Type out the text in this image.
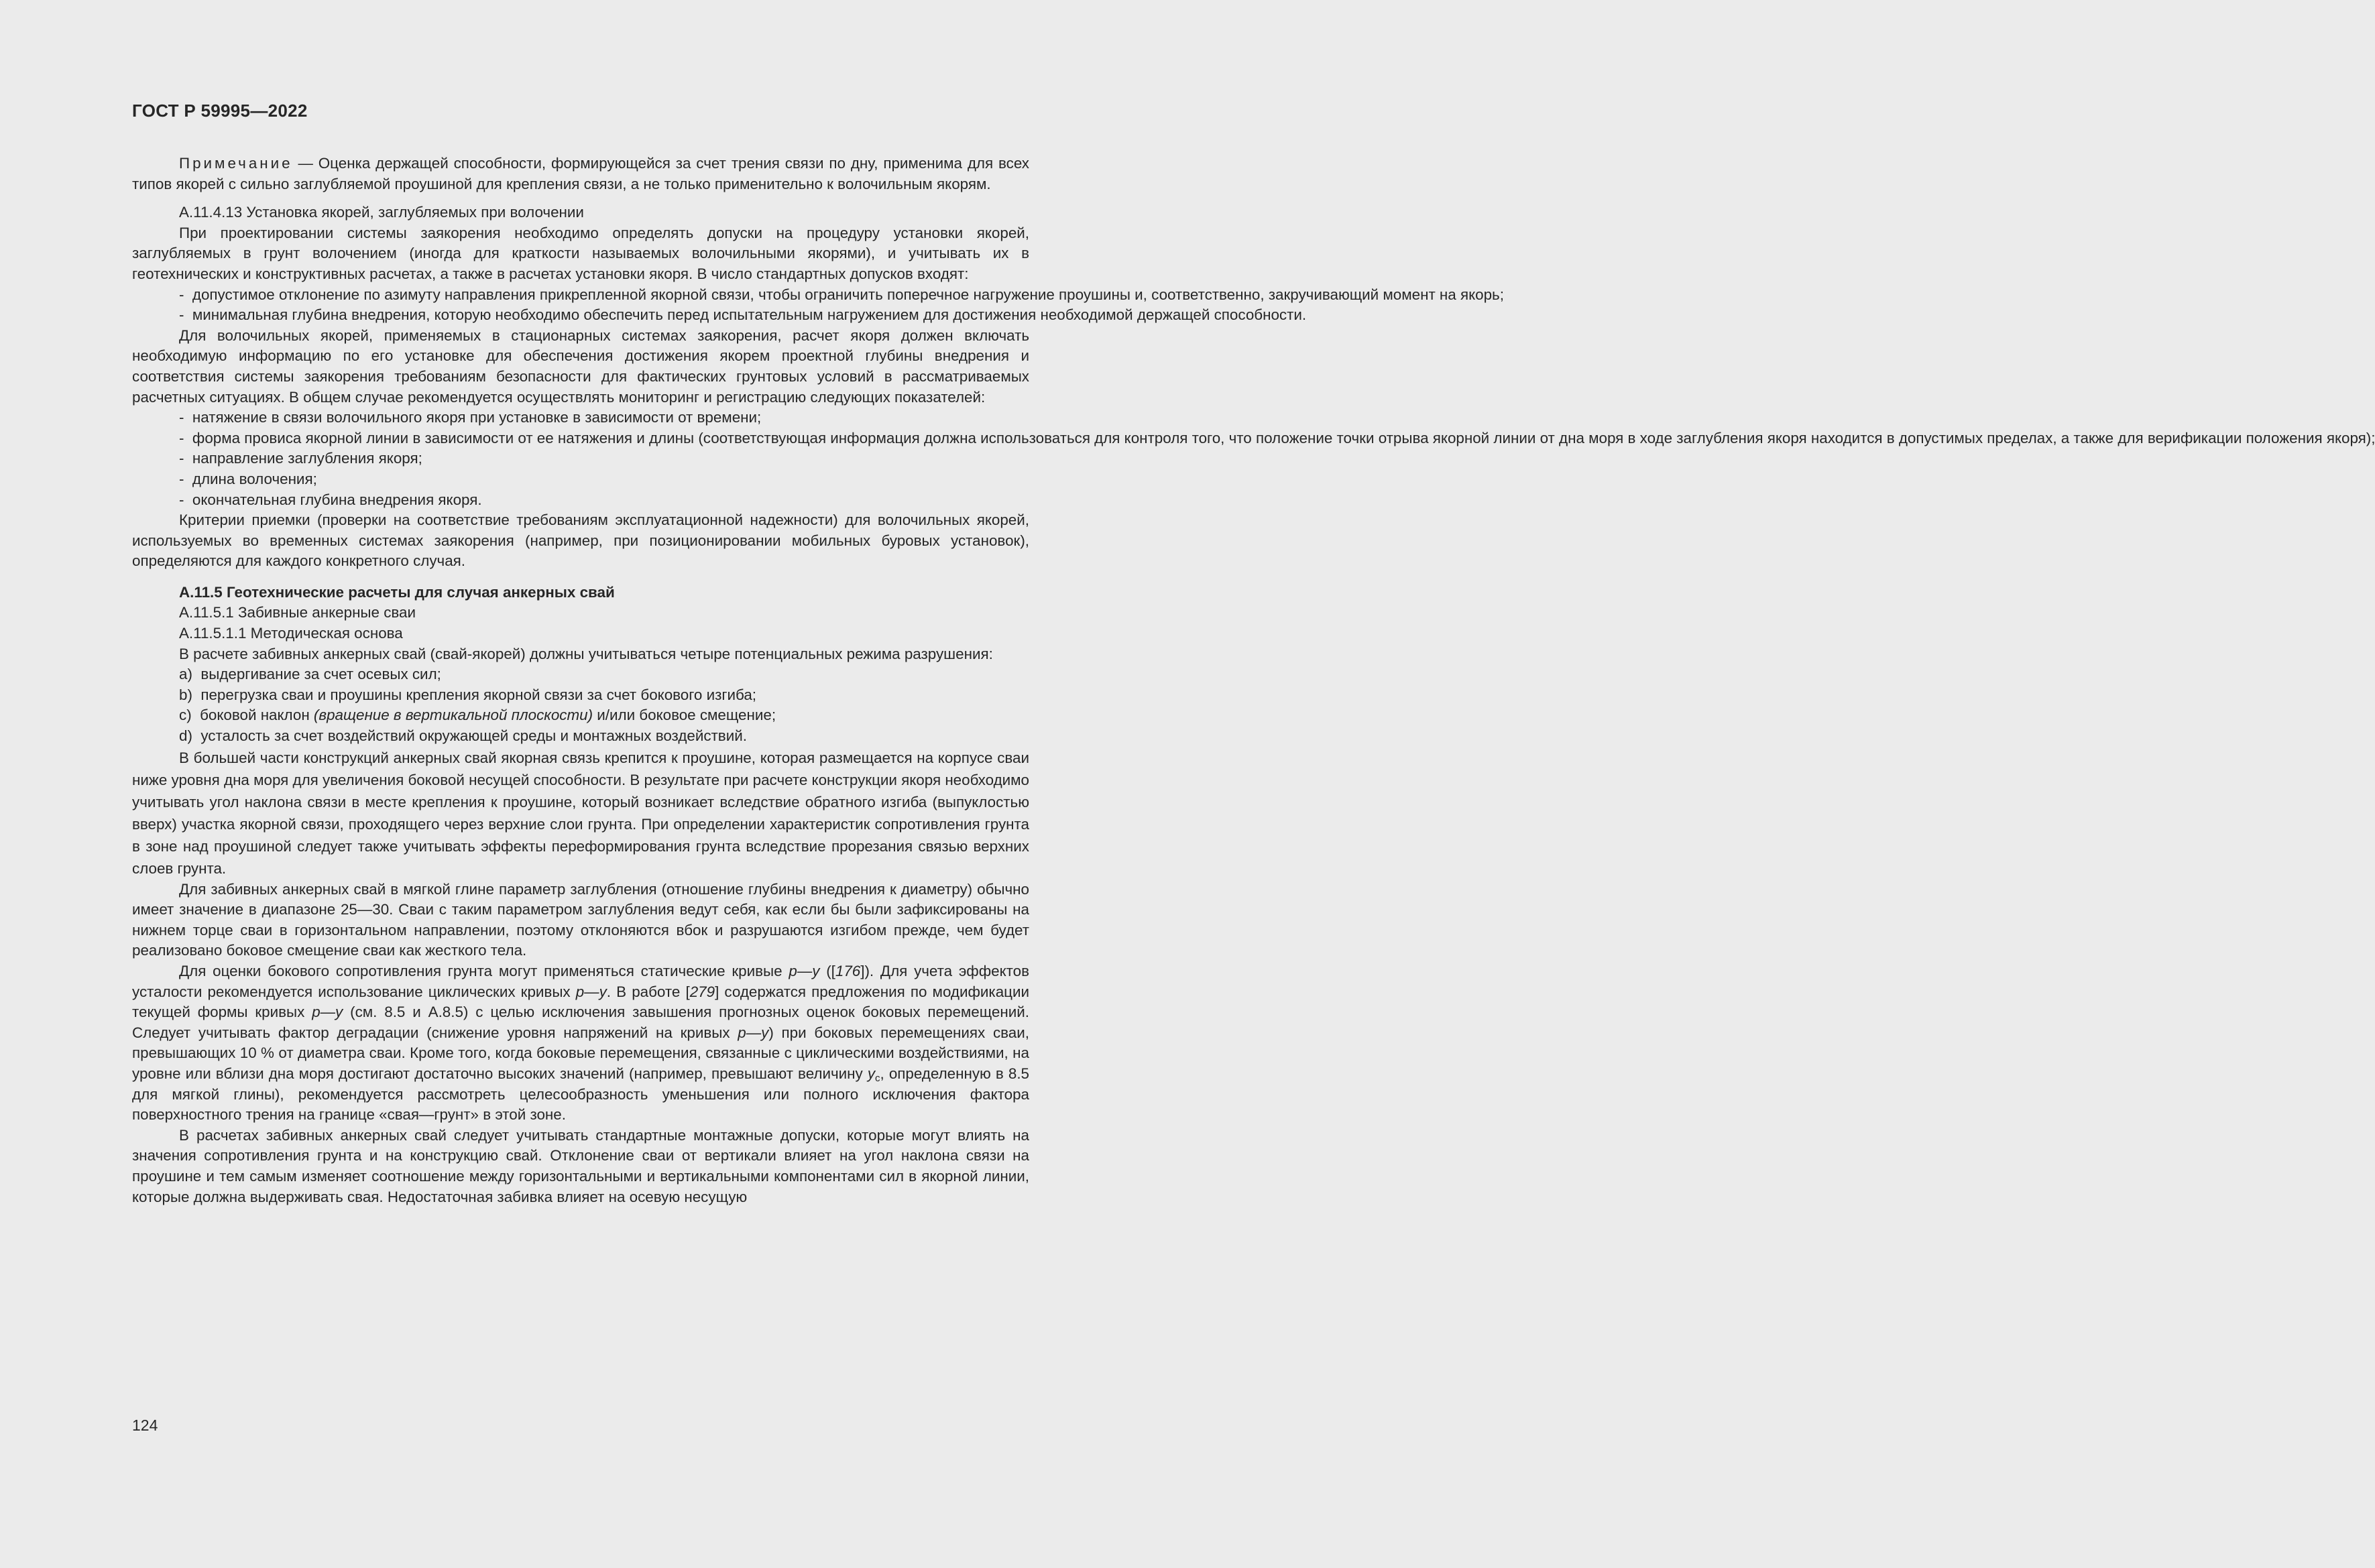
ГОСТ Р 59995—2022

Примечание — Оценка держащей способности, формирующейся за счет трения связи по дну, применима для всех типов якорей с сильно заглубляемой проушиной для крепления связи, а не только применительно к волочильным якорям.

А.11.4.13 Установка якорей, заглубляемых при волочении

При проектировании системы заякорения необходимо определять допуски на процедуру установки якорей, заглубляемых в грунт волочением (иногда для краткости называемых волочильными якорями), и учитывать их в геотехнических и конструктивных расчетах, а также в расчетах установки якоря. В число стандартных допусков входят:

-  допустимое отклонение по азимуту направления прикрепленной якорной связи, чтобы ограничить поперечное нагружение проушины и, соответственно, закручивающий момент на якорь;

-  минимальная глубина внедрения, которую необходимо обеспечить перед испытательным нагружением для достижения необходимой держащей способности.

Для волочильных якорей, применяемых в стационарных системах заякорения, расчет якоря должен включать необходимую информацию по его установке для обеспечения достижения якорем проектной глубины внедрения и соответствия системы заякорения требованиям безопасности для фактических грунтовых условий в рассматриваемых расчетных ситуациях. В общем случае рекомендуется осуществлять мониторинг и регистрацию следующих показателей:

-  натяжение в связи волочильного якоря при установке в зависимости от времени;

-  форма провиса якорной линии в зависимости от ее натяжения и длины (соответствующая информация должна использоваться для контроля того, что положение точки отрыва якорной линии от дна моря в ходе заглубления якоря находится в допустимых пределах, а также для верификации положения якоря);

-  направление заглубления якоря;

-  длина волочения;

-  окончательная глубина внедрения якоря.

Критерии приемки (проверки на соответствие требованиям эксплуатационной надежности) для волочильных якорей, используемых во временных системах заякорения (например, при позиционировании мобильных буровых установок), определяются для каждого конкретного случая.

А.11.5 Геотехнические расчеты для случая анкерных свай

А.11.5.1 Забивные анкерные сваи

А.11.5.1.1 Методическая основа

В расчете забивных анкерных свай (свай-якорей) должны учитываться четыре потенциальных режима разрушения:

a)  выдергивание за счет осевых сил;

b)  перегрузка сваи и проушины крепления якорной связи за счет бокового изгиба;

c)  боковой наклон (вращение в вертикальной плоскости) и/или боковое смещение;

d)  усталость за счет воздействий окружающей среды и монтажных воздействий.

В большей части конструкций анкерных свай якорная связь крепится к проушине, которая размещается на корпусе сваи ниже уровня дна моря для увеличения боковой несущей способности. В результате при расчете конструкции якоря необходимо учитывать угол наклона связи в месте крепления к проушине, который возникает вследствие обратного изгиба (выпуклостью вверх) участка якорной связи, проходящего через верхние слои грунта. При определении характеристик сопротивления грунта в зоне над проушиной следует также учитывать эффекты переформирования грунта вследствие прорезания связью верхних слоев грунта.

Для забивных анкерных свай в мягкой глине параметр заглубления (отношение глубины внедрения к диаметру) обычно имеет значение в диапазоне 25—30. Сваи с таким параметром заглубления ведут себя, как если бы были зафиксированы на нижнем торце сваи в горизонтальном направлении, поэтому отклоняются вбок и разрушаются изгибом прежде, чем будет реализовано боковое смещение сваи как жесткого тела.

Для оценки бокового сопротивления грунта могут применяться статические кривые p—y ([176]). Для учета эффектов усталости рекомендуется использование циклических кривых p—y. В работе [279] содержатся предложения по модификации текущей формы кривых p—y (см. 8.5 и А.8.5) с целью исключения завышения прогнозных оценок боковых перемещений. Следует учитывать фактор деградации (снижение уровня напряжений на кривых p—y) при боковых перемещениях сваи, превышающих 10 % от диаметра сваи. Кроме того, когда боковые перемещения, связанные с циклическими воздействиями, на уровне или вблизи дна моря достигают достаточно высоких значений (например, превышают величину $y_c$, определенную в 8.5 для мягкой глины), рекомендуется рассмотреть целесообразность уменьшения или полного исключения фактора поверхностного трения на границе «свая—грунт» в этой зоне.

В расчетах забивных анкерных свай следует учитывать стандартные монтажные допуски, которые могут влиять на значения сопротивления грунта и на конструкцию свай. Отклонение сваи от вертикали влияет на угол наклона связи на проушине и тем самым изменяет соотношение между горизонтальными и вертикальными компонентами сил в якорной линии, которые должна выдерживать свая. Недостаточная забивка влияет на осевую несущую

124
